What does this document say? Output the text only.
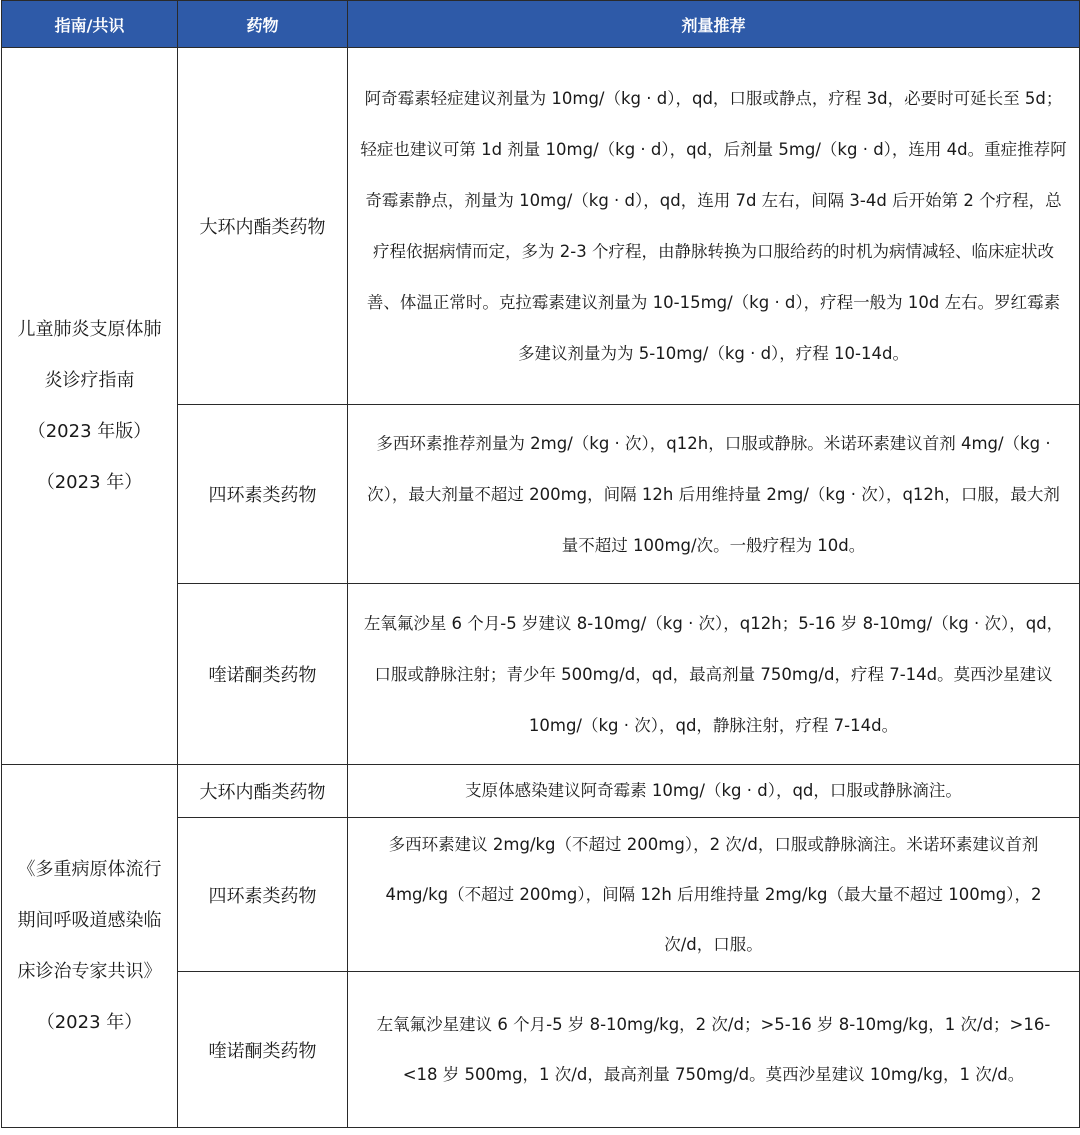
指南/共识	药物	剂量推荐
儿童肺炎支原体肺炎诊疗指南（2023 年版）（2023 年）	大环内酯类药物	阿奇霉素轻症建议剂量为 10mg/（kg · d），qd，口服或静点，疗程 3d，必要时可延长至 5d；轻症也建议可第 1d 剂量 10mg/（kg · d），qd，后剂量 5mg/（kg · d），连用 4d。重症推荐阿奇霉素静点，剂量为 10mg/（kg · d），qd，连用 7d 左右，间隔 3-4d 后开始第 2 个疗程，总疗程依据病情而定，多为 2-3 个疗程，由静脉转换为口服给药的时机为病情减轻、临床症状改善、体温正常时。克拉霉素建议剂量为 10-15mg/（kg · d），疗程一般为 10d 左右。罗红霉素多建议剂量为为 5-10mg/（kg · d），疗程 10-14d。
	四环素类药物	多西环素推荐剂量为 2mg/（kg · 次），q12h，口服或静脉。米诺环素建议首剂 4mg/（kg · 次），最大剂量不超过 200mg，间隔 12h 后用维持量 2mg/（kg · 次），q12h，口服，最大剂量不超过 100mg/次。一般疗程为 10d。
	喹诺酮类药物	左氧氟沙星 6 个月-5 岁建议 8-10mg/（kg · 次），q12h；5-16 岁 8-10mg/（kg · 次），qd，口服或静脉注射；青少年 500mg/d，qd，最高剂量 750mg/d，疗程 7-14d。莫西沙星建议 10mg/（kg · 次），qd，静脉注射，疗程 7-14d。
《多重病原体流行期间呼吸道感染临床诊治专家共识》（2023 年）	大环内酯类药物	支原体感染建议阿奇霉素 10mg/（kg · d），qd，口服或静脉滴注。
	四环素类药物	多西环素建议 2mg/kg（不超过 200mg），2 次/d，口服或静脉滴注。米诺环素建议首剂 4mg/kg（不超过 200mg），间隔 12h 后用维持量 2mg/kg（最大量不超过 100mg），2 次/d，口服。
	喹诺酮类药物	左氧氟沙星建议 6 个月-5 岁 8-10mg/kg，2 次/d；>5-16 岁 8-10mg/kg，1 次/d；>16-<18 岁 500mg，1 次/d，最高剂量 750mg/d。莫西沙星建议 10mg/kg，1 次/d。
